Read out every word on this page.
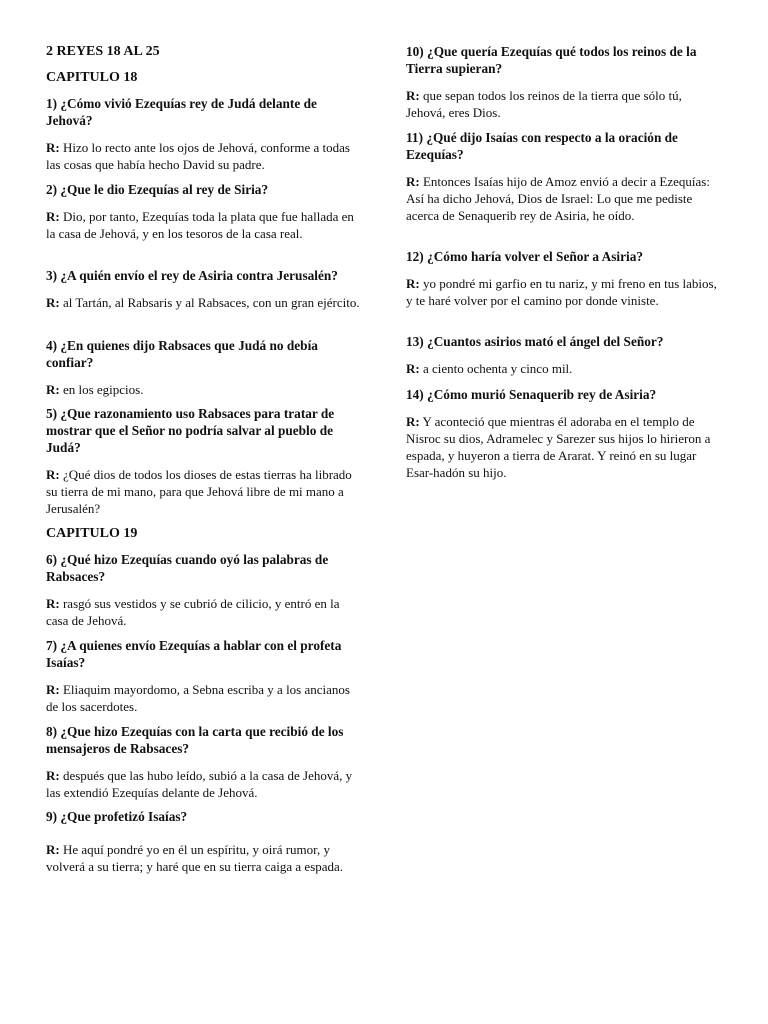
2 REYES 18 AL 25
CAPITULO 18

1) ¿Cómo vivió Ezequías rey de Judá delante de Jehová?

R: Hizo lo recto ante los ojos de Jehová, conforme a todas las cosas que había hecho David su padre.

2) ¿Que le dio Ezequías al rey de Siria?

R: Dio, por tanto, Ezequías toda la plata que fue hallada en la casa de Jehová, y en los tesoros de la casa real.

3) ¿A quién envío el rey de Asiria contra Jerusalén?

R: al Tartán, al Rabsaris y al Rabsaces, con un gran ejército.

4) ¿En quienes dijo Rabsaces que Judá no debía confiar?

R: en los egipcios.

5) ¿Que razonamiento uso Rabsaces para tratar de mostrar que el Señor no podría salvar al pueblo de Judá?

R: ¿Qué dios de todos los dioses de estas tierras ha librado su tierra de mi mano, para que Jehová libre de mi mano a Jerusalén?

CAPITULO 19

6) ¿Qué hizo Ezequías cuando oyó las palabras de Rabsaces?

R: rasgó sus vestidos y se cubrió de cilicio, y entró en la casa de Jehová.

7) ¿A quienes envío Ezequías a hablar con el profeta Isaías?

R: Eliaquim mayordomo, a Sebna escriba y a los ancianos de los sacerdotes.

8) ¿Que hizo Ezequías con la carta que recibió de los mensajeros de Rabsaces?

R: después que las hubo leído, subió a la casa de Jehová, y las extendió Ezequías delante de Jehová.

9) ¿Que profetizó Isaías?

R: He aquí pondré yo en él un espíritu, y oirá rumor, y volverá a su tierra; y haré que en su tierra caiga a espada.

10) ¿Que quería Ezequías qué todos los reinos de la Tierra supieran?

R: que sepan todos los reinos de la tierra que sólo tú, Jehová, eres Dios.

11) ¿Qué dijo Isaías con respecto a la oración de Ezequías?

R: Entonces Isaías hijo de Amoz envió a decir a Ezequías: Así ha dicho Jehová, Dios de Israel: Lo que me pediste acerca de Senaquerib rey de Asiria, he oído.

12) ¿Cómo haría volver el Señor a Asiria?

R: yo pondré mi garfio en tu nariz, y mi freno en tus labios, y te haré volver por el camino por donde viniste.

13) ¿Cuantos asirios mató el ángel del Señor?

R: a ciento ochenta y cinco mil.

14) ¿Cómo murió Senaquerib rey de Asiria?

R: Y aconteció que mientras él adoraba en el templo de Nisroc su dios, Adramelec y Sarezer sus hijos lo hirieron a espada, y huyeron a tierra de Ararat. Y reinó en su lugar Esar-hadón su hijo.
